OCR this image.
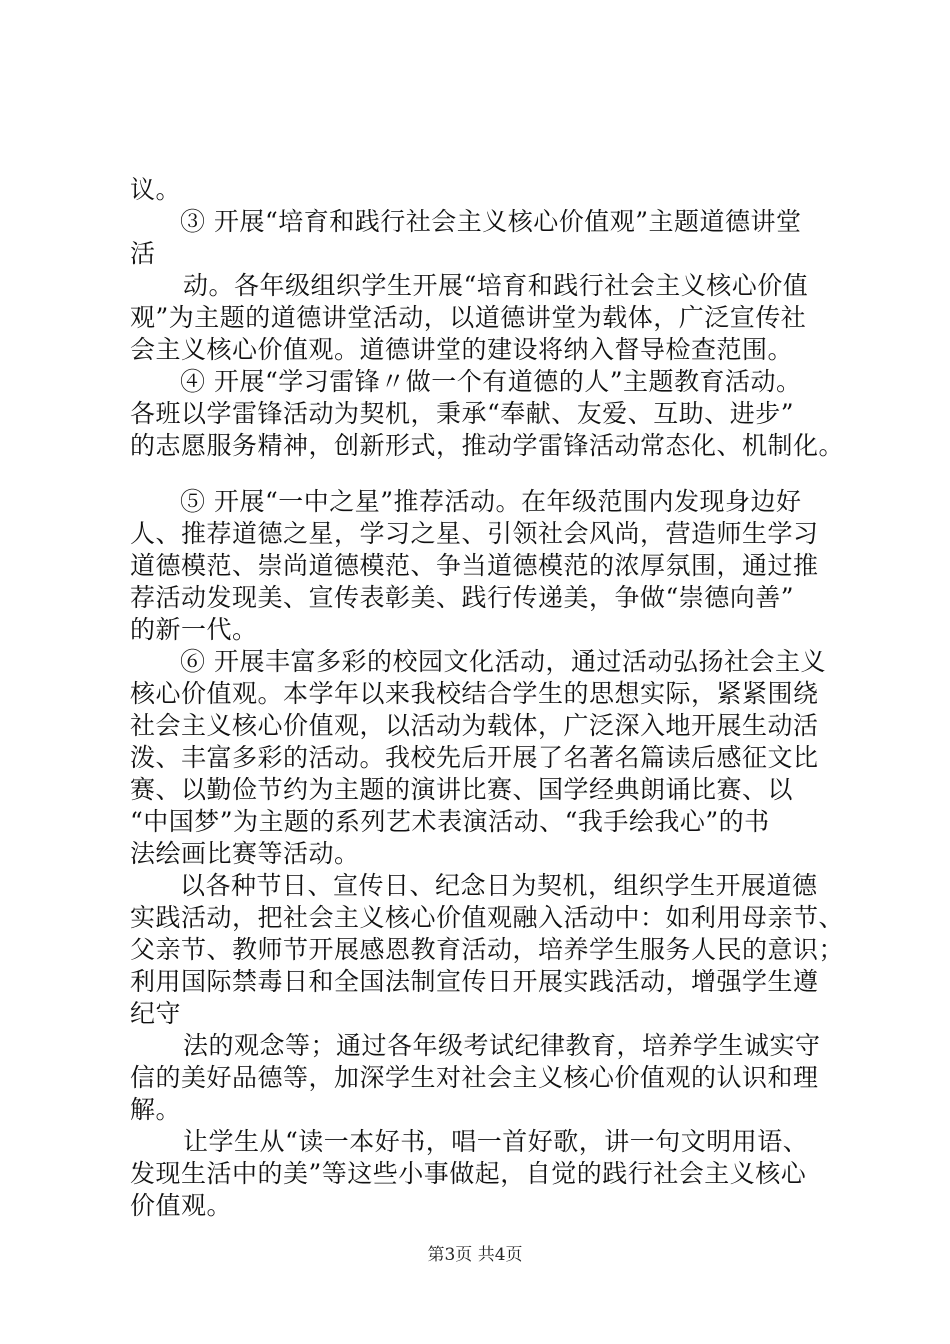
议。
③ 开展“培育和践行社会主义核心价值观”主题道德讲堂
活
动。各年级组织学生开展“培育和践行社会主义核心价值
观”为主题的道德讲堂活动，以道德讲堂为载体，广泛宣传社
会主义核心价值观。道德讲堂的建设将纳入督导检查范围。
④ 开展“学习雷锋〃做一个有道德的人”主题教育活动。
各班以学雷锋活动为契机，秉承“奉献、友爱、互助、进步”
的志愿服务精神，创新形式，推动学雷锋活动常态化、机制化。
⑤ 开展“一中之星”推荐活动。在年级范围内发现身边好
人、推荐道德之星，学习之星、引领社会风尚，营造师生学习
道德模范、崇尚道德模范、争当道德模范的浓厚氛围，通过推
荐活动发现美、宣传表彰美、践行传递美，争做“崇德向善”
的新一代。
⑥ 开展丰富多彩的校园文化活动，通过活动弘扬社会主义
核心价值观。本学年以来我校结合学生的思想实际，紧紧围绕
社会主义核心价值观，以活动为载体，广泛深入地开展生动活
泼、丰富多彩的活动。我校先后开展了名著名篇读后感征文比
赛、以勤俭节约为主题的演讲比赛、国学经典朗诵比赛、以
“中国梦”为主题的系列艺术表演活动、“我手绘我心”的书
法绘画比赛等活动。
以各种节日、宣传日、纪念日为契机，组织学生开展道德
实践活动，把社会主义核心价值观融入活动中：如利用母亲节、
父亲节、教师节开展感恩教育活动，培养学生服务人民的意识；
利用国际禁毒日和全国法制宣传日开展实践活动，增强学生遵
纪守
法的观念等；通过各年级考试纪律教育，培养学生诚实守
信的美好品德等，加深学生对社会主义核心价值观的认识和理
解。
让学生从“读一本好书，唱一首好歌，讲一句文明用语、
发现生活中的美”等这些小事做起，自觉的践行社会主义核心
价值观。
第3页 共4页
